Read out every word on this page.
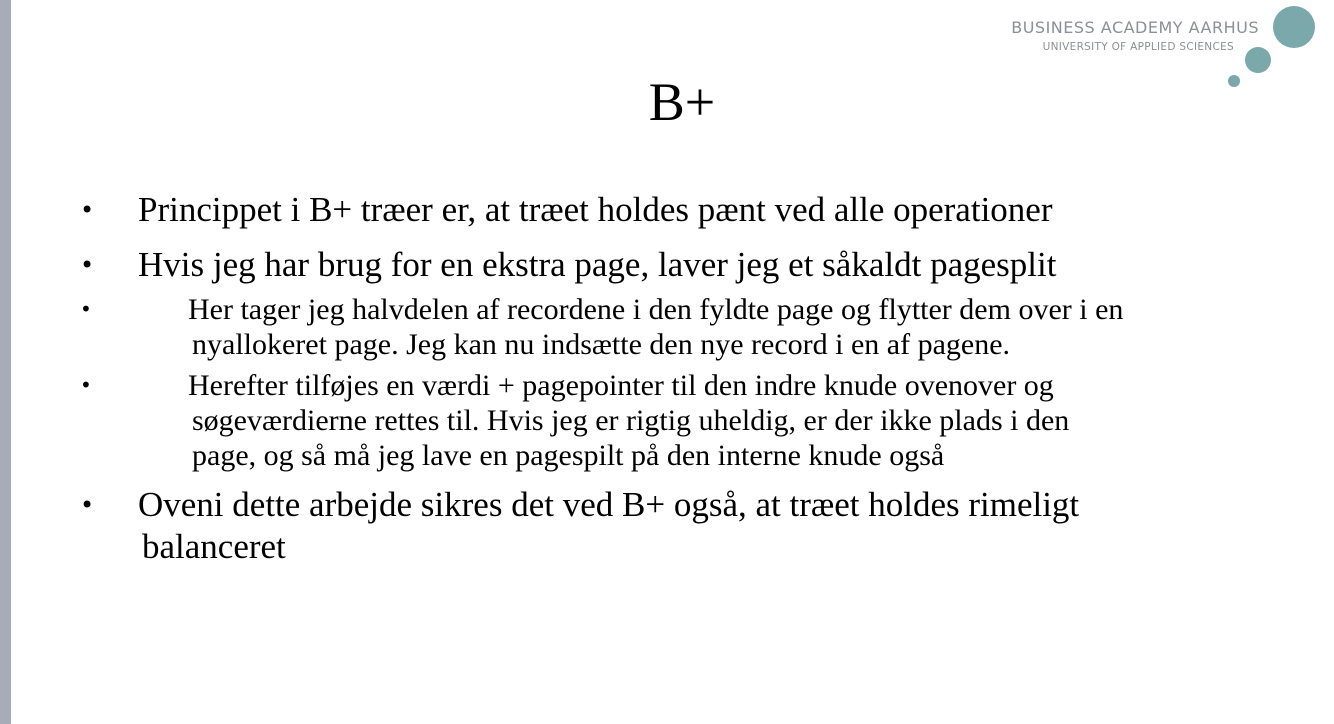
BUSINESS ACADEMY AARHUS
UNIVERSITY OF APPLIED SCIENCES
B+
• Princippet i B+ træer er, at træet holdes pænt ved alle operationer
• Hvis jeg har brug for en ekstra page, laver jeg et såkaldt pagesplit
•	Her tager jeg halvdelen af recordene i den fyldte page og flytter dem over i en
nyallokeret page. Jeg kan nu indsætte den nye record i en af pagene.
•	Herefter tilføjes en værdi + pagepointer til den indre knude ovenover og
søgeværdierne rettes til. Hvis jeg er rigtig uheldig, er der ikke plads i den
page, og så må jeg lave en pagespilt på den interne knude også
• Oveni dette arbejde sikres det ved B+ også, at træet holdes rimeligt
balanceret
